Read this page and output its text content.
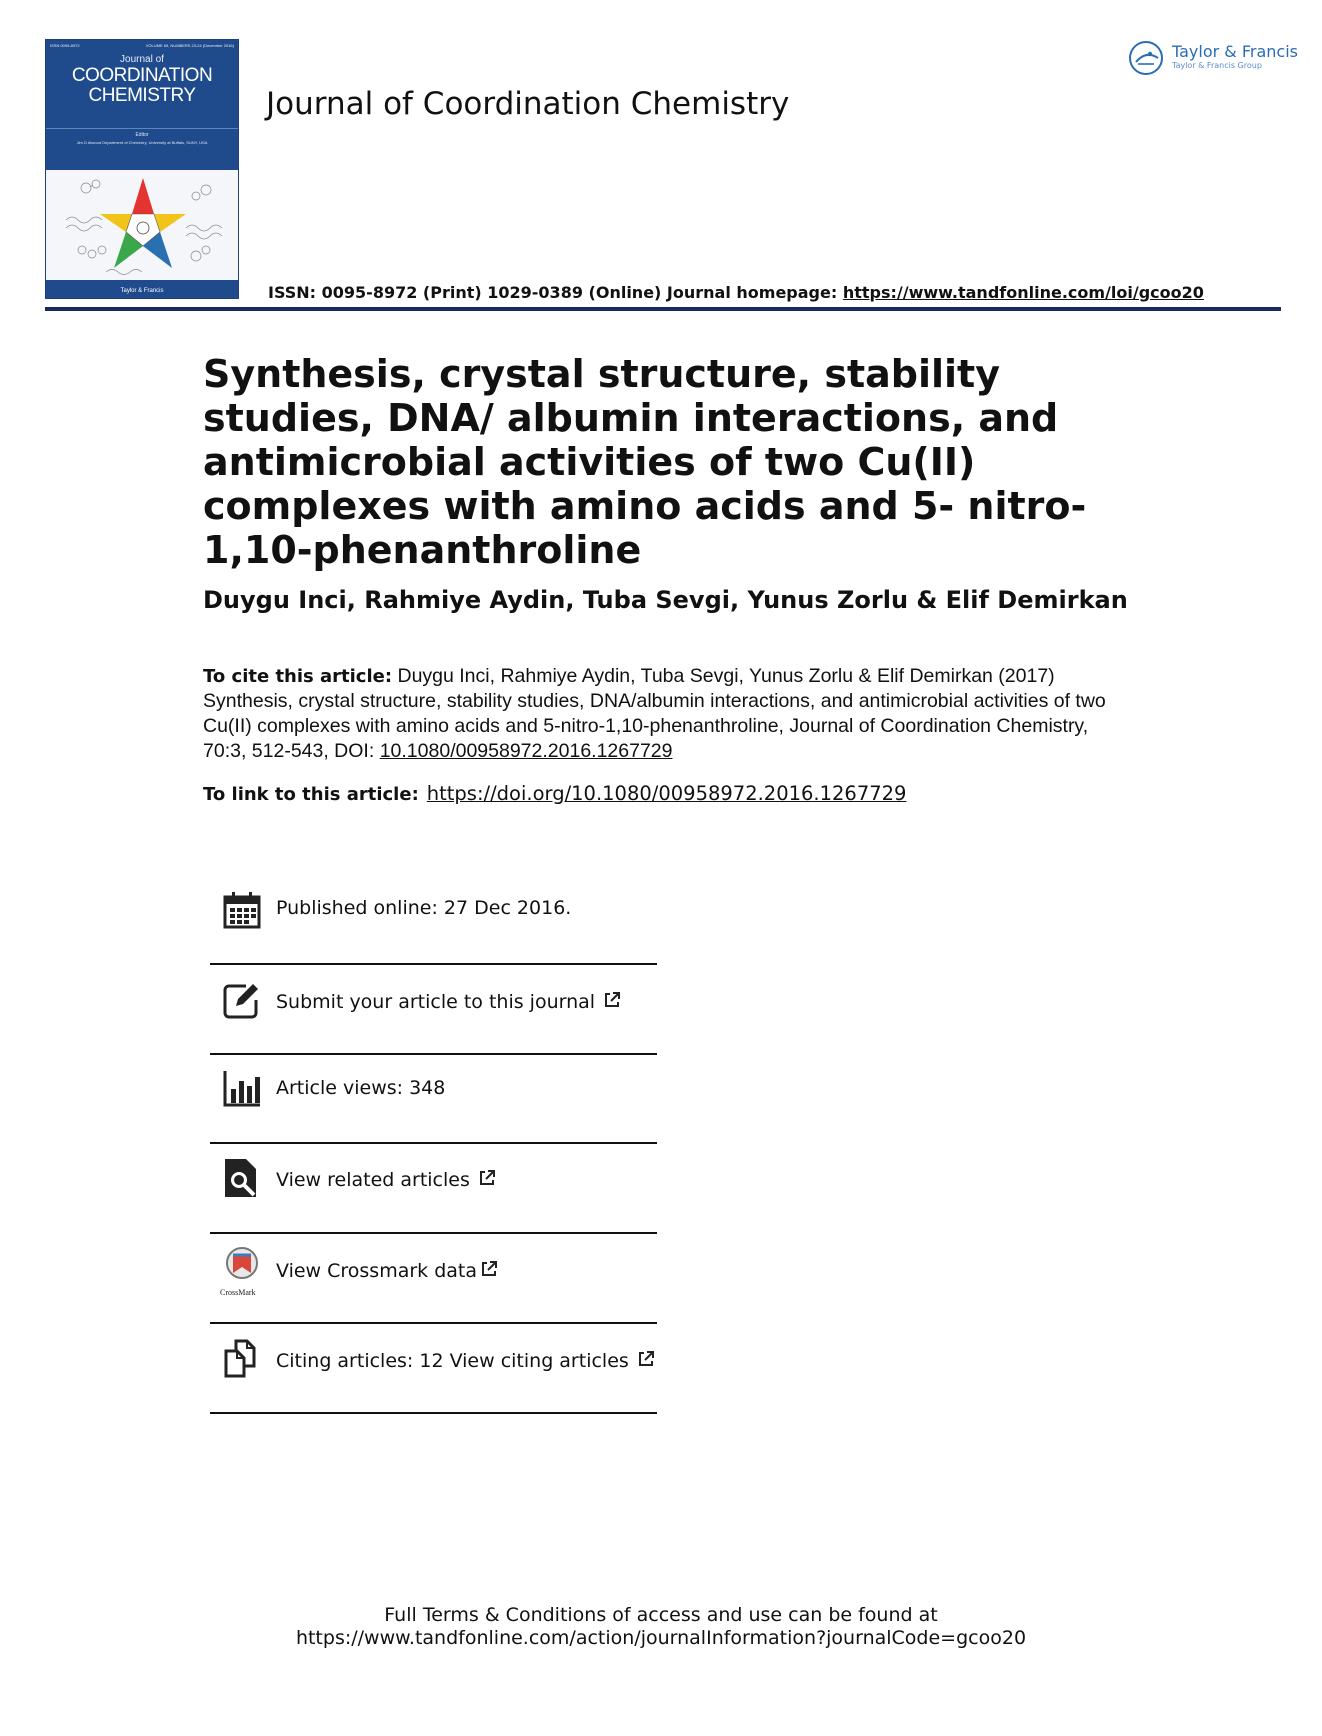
ISSN 0095-8972	VOLUME 69, NUMBERS 23-24 (December 2016)
Journal of
COORDINATION
CHEMISTRY
Editor
Jim D Atwood Department of Chemistry, University at Buffalo, SUNY, USA
Taylor & Francis
Journal of Coordination Chemistry
Taylor & Francis
Taylor & Francis Group
ISSN: 0095-8972 (Print) 1029-0389 (Online) Journal homepage: https://www.tandfonline.com/loi/gcoo20
Synthesis, crystal structure, stability studies, DNA/ albumin interactions, and antimicrobial activities of two Cu(II) complexes with amino acids and 5- nitro-1,10-phenanthroline
Duygu Inci, Rahmiye Aydin, Tuba Sevgi, Yunus Zorlu & Elif Demirkan
To cite this article: Duygu Inci, Rahmiye Aydin, Tuba Sevgi, Yunus Zorlu & Elif Demirkan (2017) Synthesis, crystal structure, stability studies, DNA/albumin interactions, and antimicrobial activities of two Cu(II) complexes with amino acids and 5-nitro-1,10-phenanthroline, Journal of Coordination Chemistry, 70:3, 512-543, DOI: 10.1080/00958972.2016.1267729
To link to this article: https://doi.org/10.1080/00958972.2016.1267729
Published online: 27 Dec 2016.
Submit your article to this journal
Article views: 348
View related articles
CrossMark
View Crossmark data
Citing articles: 12 View citing articles
Full Terms & Conditions of access and use can be found at
https://www.tandfonline.com/action/journalInformation?journalCode=gcoo20
